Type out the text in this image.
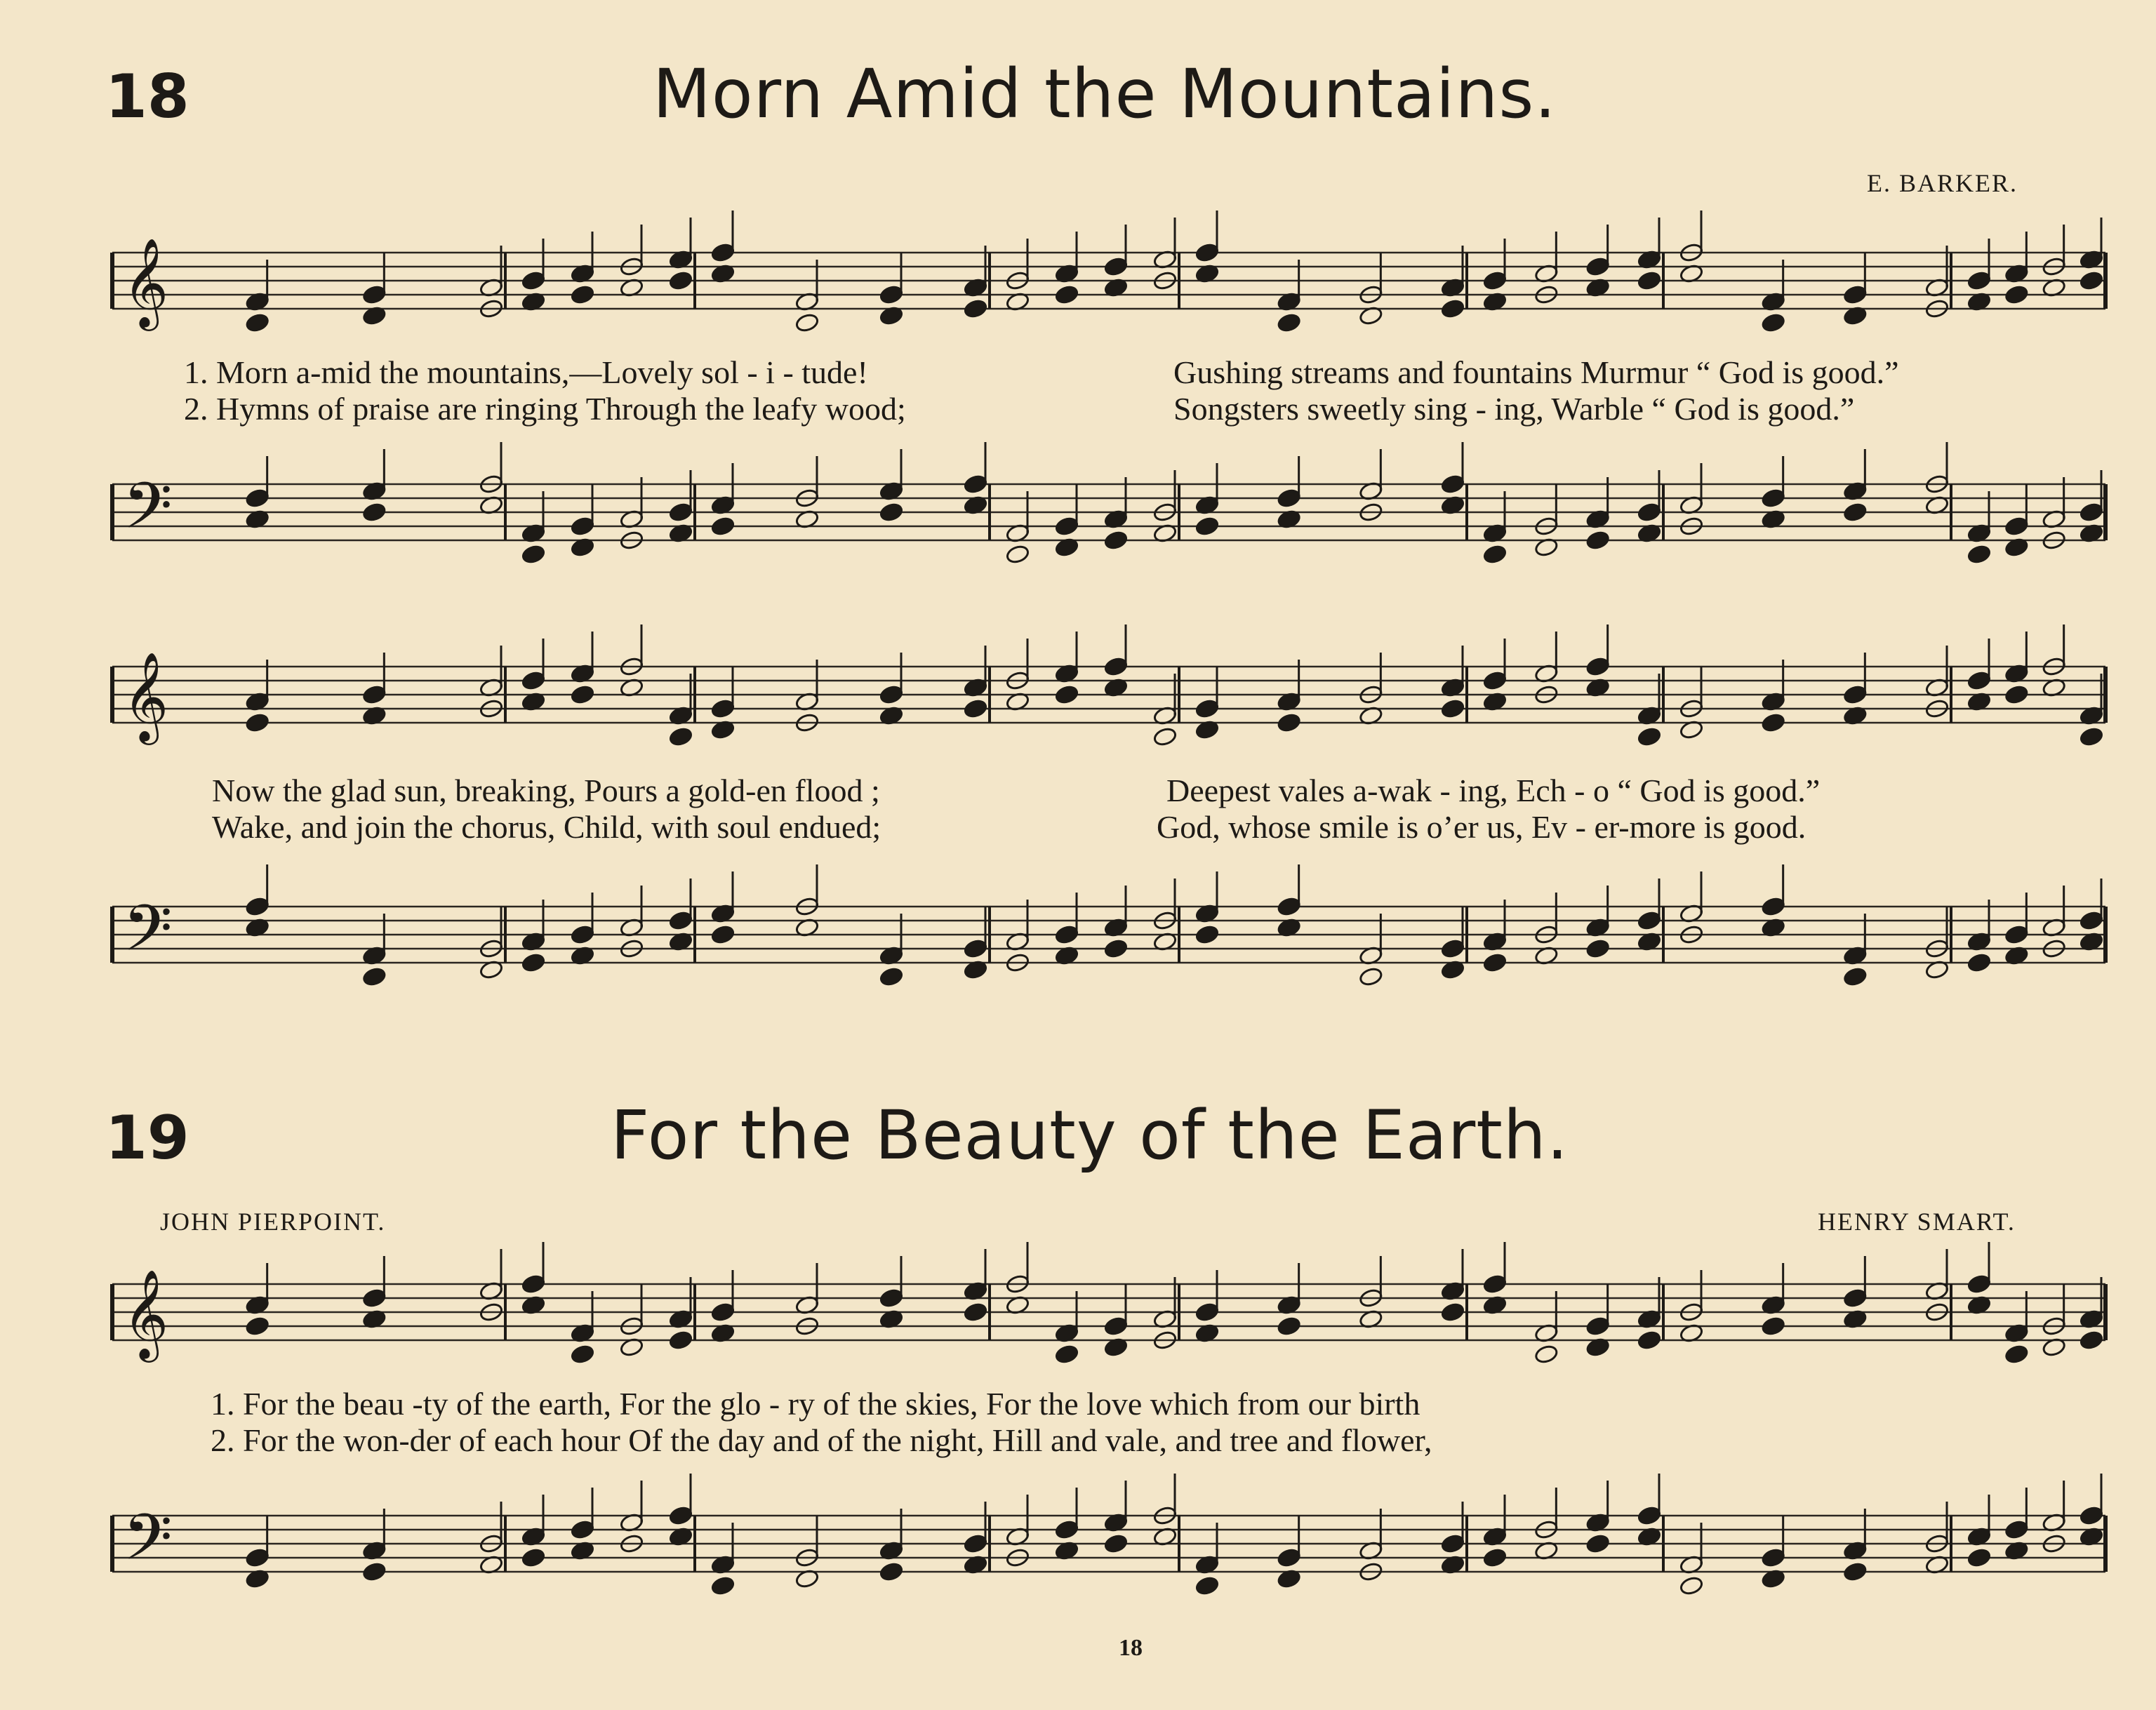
18	Morn Amid the Mountains.
E. BARKER.
𝄞
1. Morn a-mid the mountains,—Lovely sol - i - tude!
2. Hymns of praise are ringing Through the leafy wood;
Gushing streams and fountains Murmur “ God is good.”
Songsters sweetly sing - ing, Warble “ God is good.”
𝄢
𝄞
Now the glad sun, breaking, Pours a gold-en flood ;
Wake, and join the chorus, Child, with soul endued;
Deepest vales a-wak - ing, Ech - o “ God is good.”
God, whose smile is o’er us, Ev - er-more is good.
𝄢
19	For the Beauty of the Earth.
JOHN PIERPOINT.	HENRY SMART.
𝄞
1. For the beau -ty of the earth, For the glo - ry of the skies, For the love which from our birth
2. For the won-der of each hour Of the day and of the night, Hill and vale, and tree and flower,
𝄢
18
